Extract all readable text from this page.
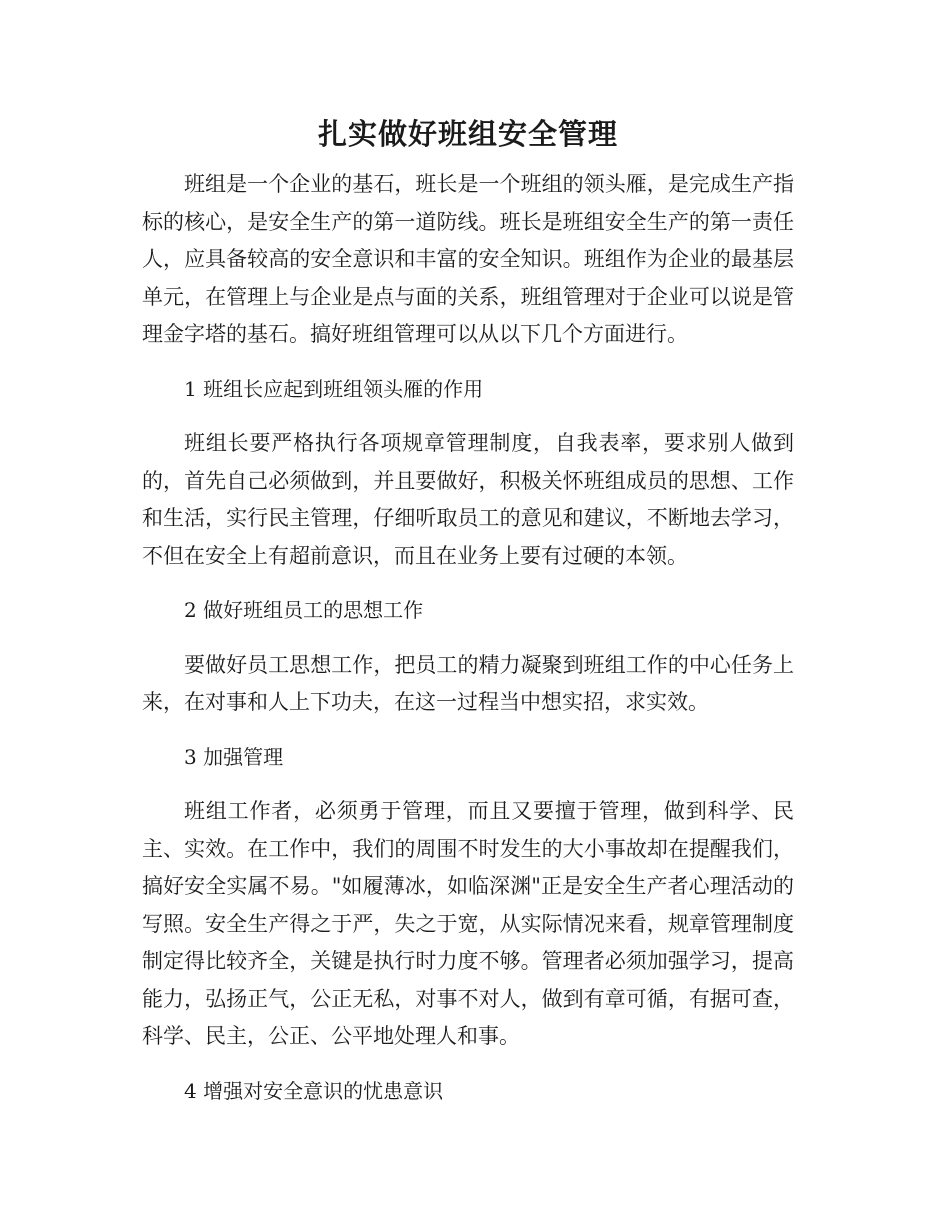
扎实做好班组安全管理

班组是一个企业的基石，班长是一个班组的领头雁，是完成生产指标的核心，是安全生产的第一道防线。班长是班组安全生产的第一责任人，应具备较高的安全意识和丰富的安全知识。班组作为企业的最基层单元，在管理上与企业是点与面的关系，班组管理对于企业可以说是管理金字塔的基石。搞好班组管理可以从以下几个方面进行。

1 班组长应起到班组领头雁的作用

班组长要严格执行各项规章管理制度，自我表率，要求别人做到的，首先自己必须做到，并且要做好，积极关怀班组成员的思想、工作和生活，实行民主管理，仔细听取员工的意见和建议，不断地去学习，不但在安全上有超前意识，而且在业务上要有过硬的本领。

2 做好班组员工的思想工作

要做好员工思想工作，把员工的精力凝聚到班组工作的中心任务上来，在对事和人上下功夫，在这一过程当中想实招，求实效。

3 加强管理

班组工作者，必须勇于管理，而且又要擅于管理，做到科学、民主、实效。在工作中，我们的周围不时发生的大小事故却在提醒我们，搞好安全实属不易。"如履薄冰，如临深渊"正是安全生产者心理活动的写照。安全生产得之于严，失之于宽，从实际情况来看，规章管理制度制定得比较齐全，关键是执行时力度不够。管理者必须加强学习，提高能力，弘扬正气，公正无私，对事不对人，做到有章可循，有据可查，科学、民主，公正、公平地处理人和事。

4 增强对安全意识的忧患意识
